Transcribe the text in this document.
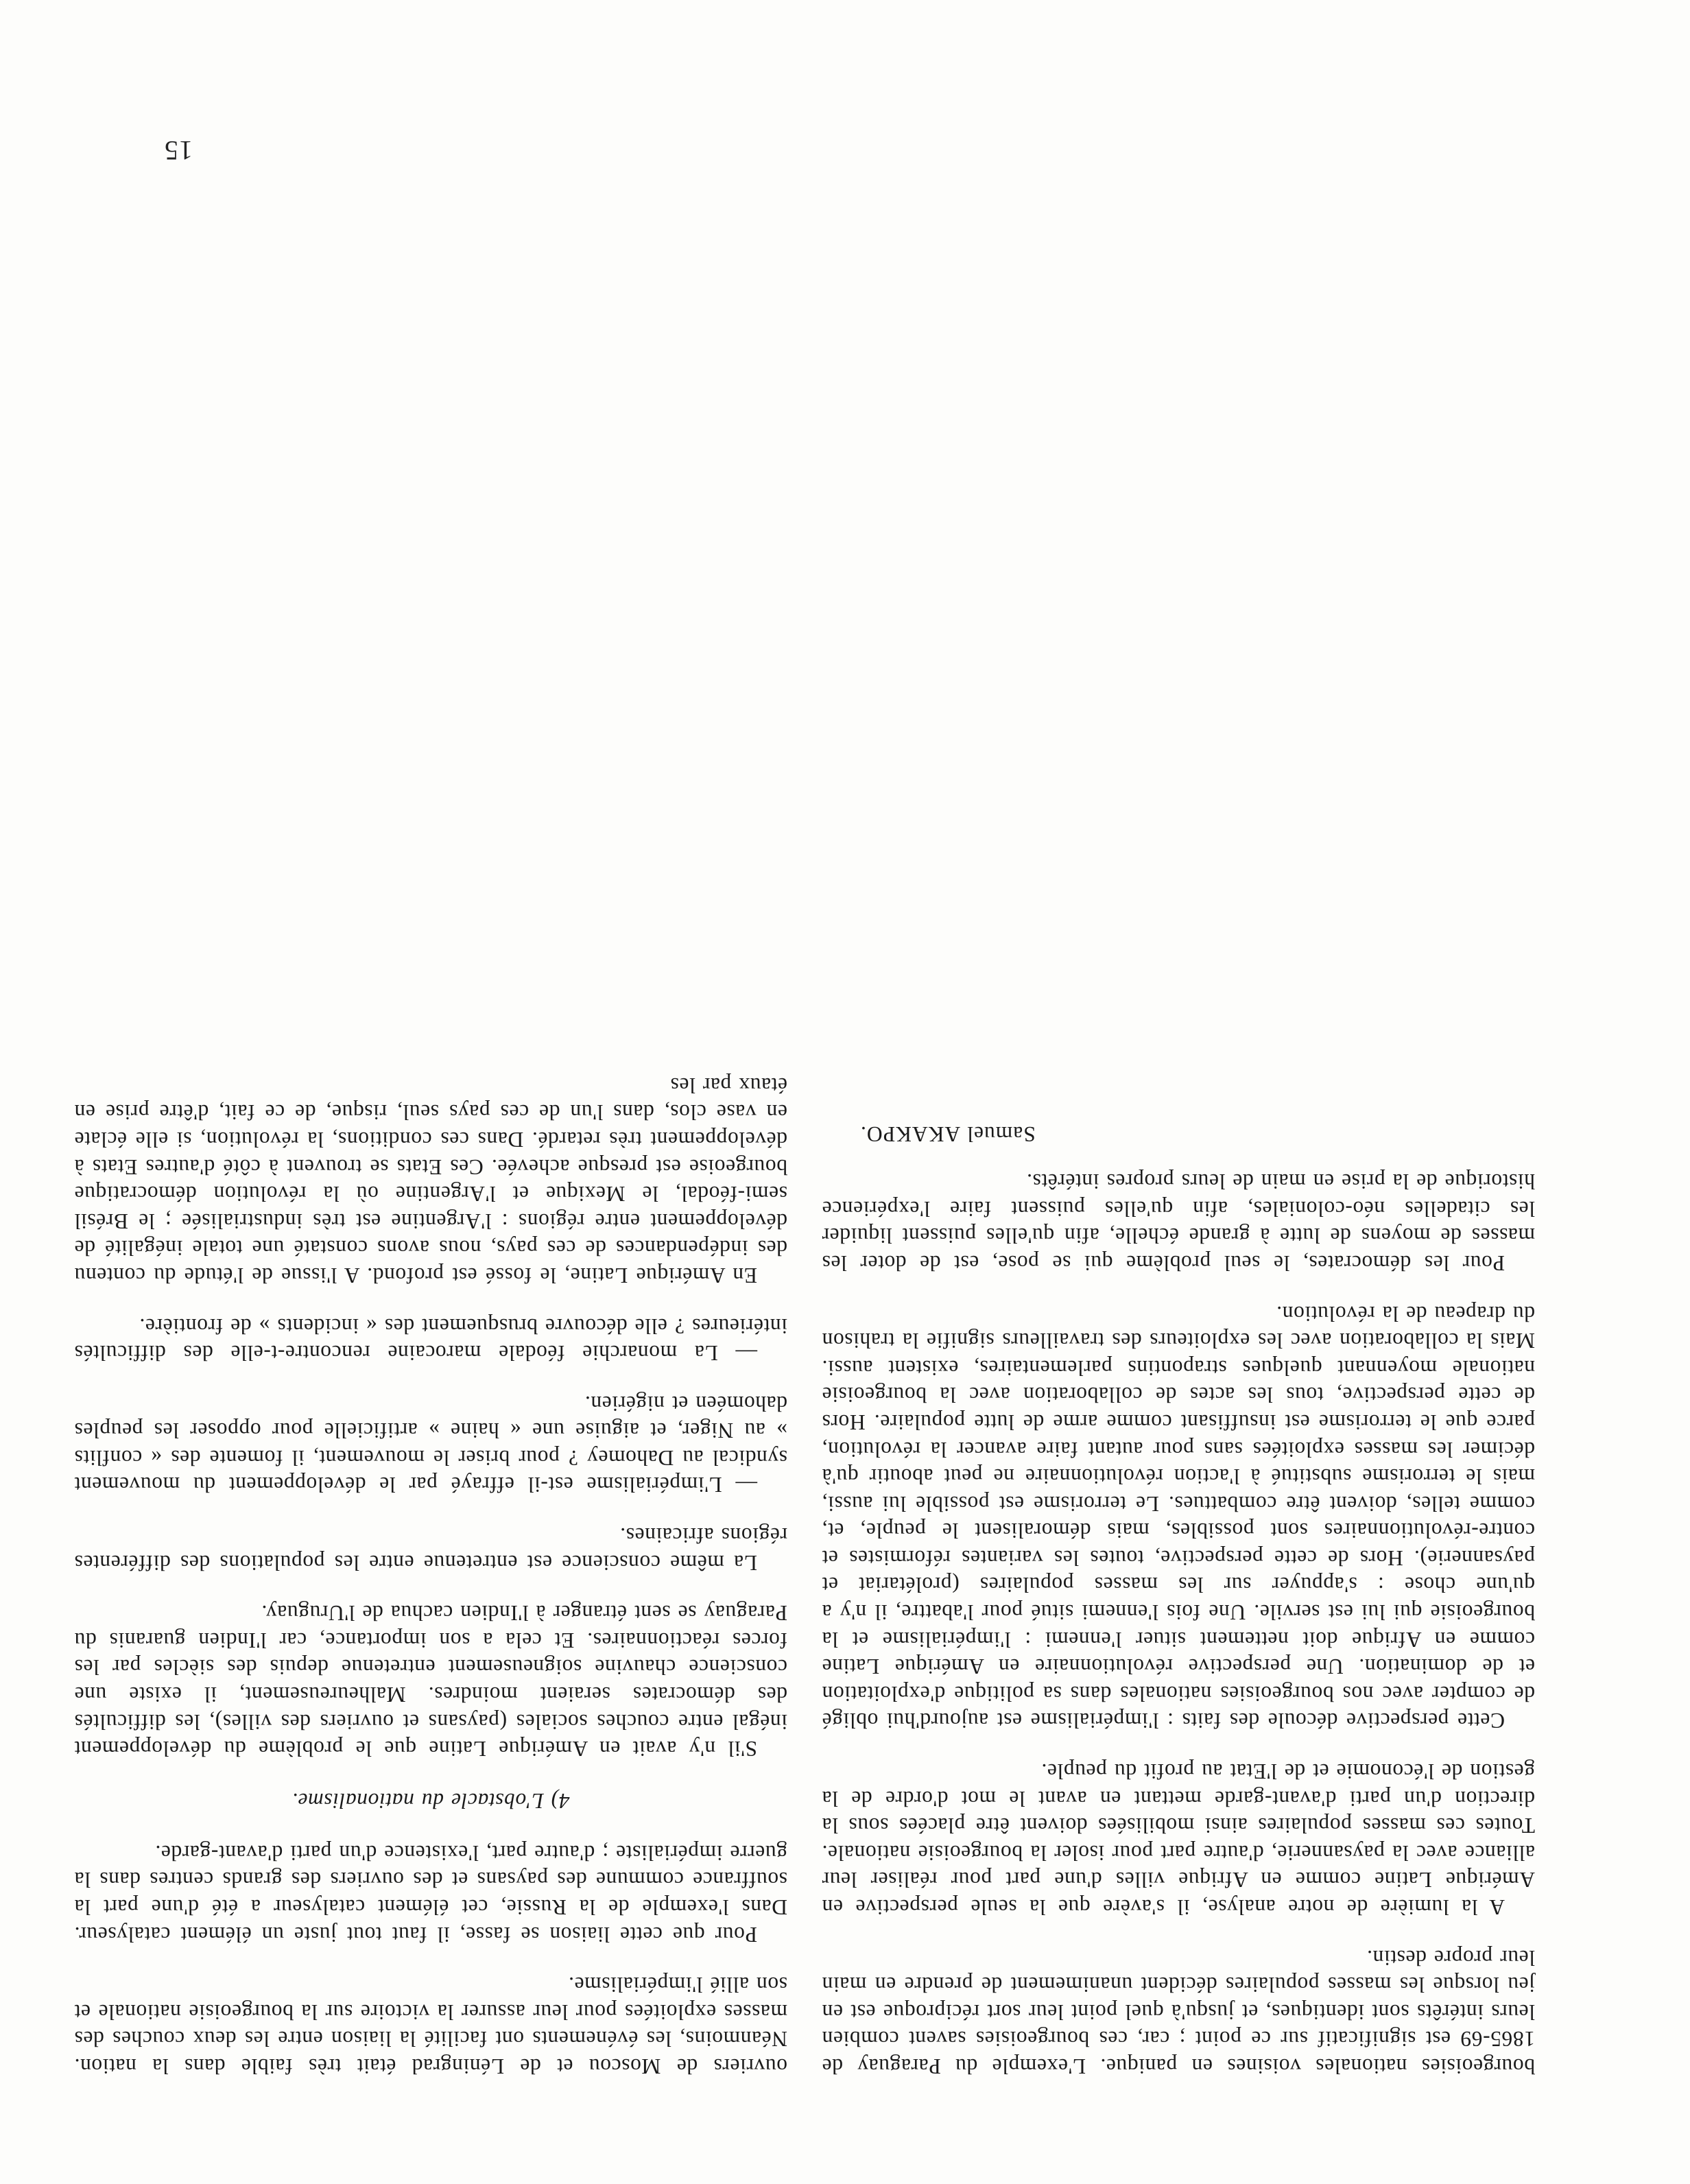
bourgeoisies nationales voisines en panique. L'exemple du Paraguay de 1865-69 est significatif sur ce point ; car, ces bourgeoisies savent combien leurs intérêts sont identiques, et jusqu'à quel point leur sort réciproque est en jeu lorsque les masses populaires décident unanimement de prendre en main leur propre destin.

A la lumière de notre analyse, il s'avère que la seule perspective en Amérique Latine comme en Afrique villes d'une part pour réaliser leur alliance avec la paysannerie, d'autre part pour isoler la bourgeoisie nationale. Toutes ces masses populaires ainsi mobilisées doivent être placées sous la direction d'un parti d'avant-garde mettant en avant le mot d'ordre de la gestion de l'économie et de l'Etat au profit du peuple.

Cette perspective découle des faits : l'impérialisme est aujourd'hui obligé de compter avec nos bourgeoisies nationales dans sa politique d'exploitation et de domination. Une perspective révolutionnaire en Amérique Latine comme en Afrique doit nettement situer l'ennemi : l'impérialisme et la bourgeoisie qui lui est servile. Une fois l'ennemi situé pour l'abattre, il n'y a qu'une chose : s'appuyer sur les masses populaires (prolétariat et paysannerie). Hors de cette perspective, toutes les variantes réformistes et contre-révolutionnaires sont possibles, mais démoralisent le peuple, et, comme telles, doivent être combattues. Le terrorisme est possible lui aussi, mais le terrorisme substitué à l'action révolutionnaire ne peut aboutir qu'à décimer les masses exploitées sans pour autant faire avancer la révolution, parce que le terrorisme est insuffisant comme arme de lutte populaire. Hors de cette perspective, tous les actes de collaboration avec la bourgeoisie nationale moyennant quelques strapontins parlementaires, existent aussi. Mais la collaboration avec les exploiteurs des travailleurs signifie la trahison du drapeau de la révolution.

Pour les démocrates, le seul problème qui se pose, est de doter les masses de moyens de lutte à grande échelle, afin qu'elles puissent liquider les citadelles néo-coloniales, afin qu'elles puissent faire l'expérience historique de la prise en main de leurs propres intérêts.

Samuel AKAKPO.

ouvriers de Moscou et de Léningrad était très faible dans la nation. Néanmoins, les événements ont facilité la liaison entre les deux couches des masses exploitées pour leur assurer la victoire sur la bourgeoisie nationale et son allié l'impérialisme.

Pour que cette liaison se fasse, il faut tout juste un élément catalyseur. Dans l'exemple de la Russie, cet élément catalyseur a été d'une part la souffrance commune des paysans et des ouvriers des grands centres dans la guerre impérialiste ; d'autre part, l'existence d'un parti d'avant-garde.

4) L'obstacle du nationalisme.

S'il n'y avait en Amérique Latine que le problème du développement inégal entre couches sociales (paysans et ouvriers des villes), les difficultés des démocrates seraient moindres. Malheureusement, il existe une conscience chauvine soigneusement entretenue depuis des siècles par les forces réactionnaires. Et cela a son importance, car l'Indien guaranis du Paraguay se sent étranger à l'Indien cachua de l'Uruguay.

La même conscience est entretenue entre les populations des différentes régions africaines.

— L'impérialisme est-il effrayé par le développement du mouvement syndical au Dahomey ? pour briser le mouvement, il fomente des « conflits » au Niger, et aiguise une « haine » artificielle pour opposer les peuples dahoméen et nigérien.

— La monarchie féodale marocaine rencontre-t-elle des difficultés intérieures ? elle découvre brusquement des « incidents » de frontière.

En Amérique Latine, le fossé est profond. A l'issue de l'étude du contenu des indépendances de ces pays, nous avons constaté une totale inégalité de développement entre régions : l'Argentine est très industrialisée ; le Brésil semi-féodal, le Mexique et l'Argentine où la révolution démocratique bourgeoise est presque achevée. Ces Etats se trouvent à côté d'autres Etats à développement très retardé. Dans ces conditions, la révolution, si elle éclate en vase clos, dans l'un de ces pays seul, risque, de ce fait, d'être prise en étaux par les

15
